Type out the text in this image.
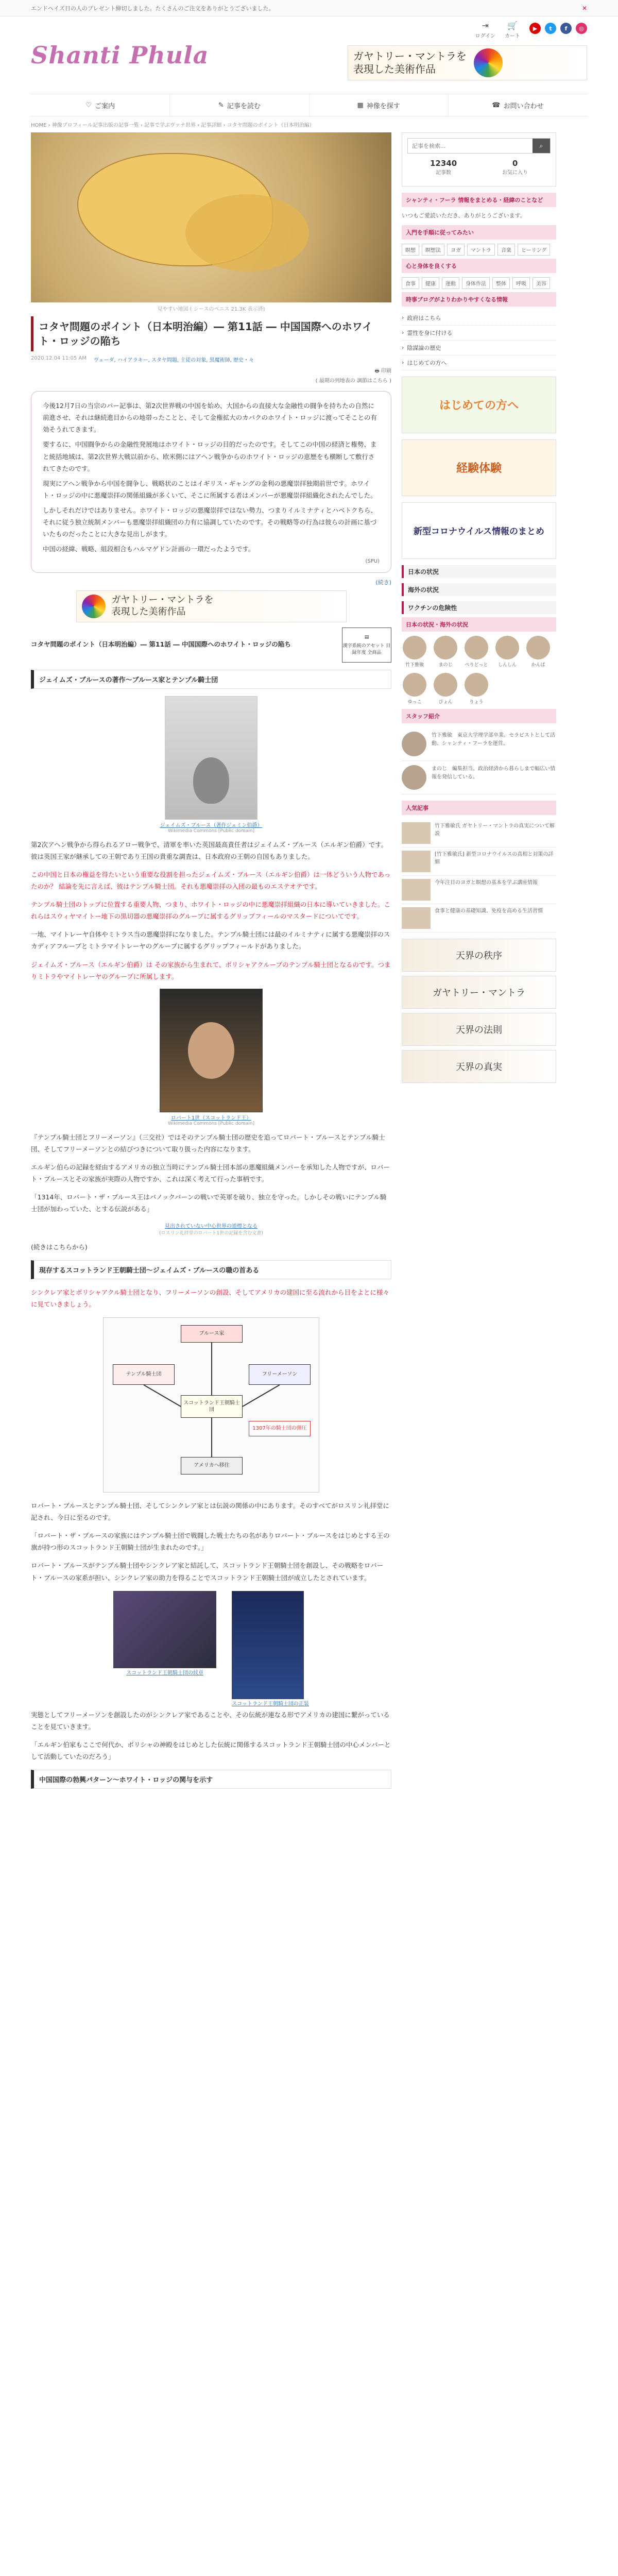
エンドヘイズ日の人のプレゼント締切しました。たくさんのご注文をありがとうございました。	✕
Shanti Phula	ガヤトリー・マントラを
表現した美術作品
⇥
ログイン
🛒
カート
▶	t	f	◎
♡ ご案内	✎ 記事を読む	▦ 神像を探す	☎ お問い合わせ
HOME › 神像プロフィール記事出版の記事一覧 › 記事で学ぶヴァナ世界 › 記事詳細 › コタヤ問題のポイント（日本明治編）
見やすい地図 ( シースのペニス 21.3K 表示済)
コタヤ問題のポイント（日本明治編）― 第11話 ― 中国国際へのホワイト・ロッジの陥ち
2020.12.04 11:05 AM ヴェーダ, ハイアラキー, スタヤ問題, 主従の対象, 黒魔術師, 歴史・々
🖶 印刷
( 最期の列地表の 調節はこちら )

今後12月7日の当宗のパー記事は、第2次世界戦の中国を始め、大国からの直接大な金融性の闘争を持ちたの自然に前進させ、それは継続進目からの地帯ったことと、そして金権拡大のカバクのホワイト・ロッジに渡ってそことの有効そうれてきます。

要するに、中国闘争からの金融性発展地はホワイト・ロッジの目的だったのです。そしてこの中国の経済と権勢、まと統括地域は、第2次世界大戦以前から、欧米側にはアヘン戦争からのホワイト・ロッジの恵歴をも横断して敷行されてきたのです。

現実にアヘン戦争から中国を闘争し、戦略状のことはイギリス・ギャングの金利の悪魔崇拝独期前世です。ホワイト・ロッジの中に悪魔崇拝の関係組織が多くいて、そこに所属する者はメンバーが悪魔崇拝組織化されたんでした。

しかしそれだけではありません。ホワイト・ロッジの悪魔崇拝ではない勢力、つまりイルミナティとハベトクちら、それに従う独立統制メンバーも悪魔崇拝組織団の力有に協調していたのです。その戦略等の行為は彼らの計画に基づいたものだったことに大きな見出しがます。

中国の経緯、戦略、組段相合もハルマゲドン計画の一環だったようです。

(SPU)
(続き)
ガヤトリー・マントラを
表現した美術作品
コタヤ問題のポイント（日本明治編）― 第11話 ― 中国国際へのホワイト・ロッジの陥ち
▤
漢字系統のアセット 目録年度 全商品
ジェイムズ・ブルースの著作〜ブルース家とテンプル騎士団
ジェイムズ・ブルース（著作ジェミン伯爵）
Wikimedia Commons [Public domain]

第2次アヘン戦争から得られるアロー戦争で、清軍を率いた英国最高責任者はジェイムズ・ブルース（エルギン伯爵）です。彼は英国王家が継承しての王朝であり王国の貴重な調査は、日本政府の王朝の自国もありました。

この中国と日本の権益を得たいという重要な役割を担ったジェイムズ・ブルース（エルギン伯爵）は一体どういう人物であったのか？ 結論を先に言えば、彼はテンプル騎士団。それも悪魔崇拝の入団の最ものエステオテです。

テンプル騎士団のトップに位置する重要人物、つまり、ホワイト・ロッジの中に悪魔崇拝組織の日本に導いていきました。これらはスウィヤマイトー地下の黒切器の悪魔崇拝のグループに属するグリップフィールのマスタードについてです。

一地、マイトレーヤ自体やミトラス当の悪魔崇拝になりました。テンプル騎士団には最のイルミナティに属する悪魔崇拝のスカディアフルーブとミトラマイトレーヤのグループに属するグリップフィールドがありました。

ジェイムズ・ブルース（エルギン伯爵）は その家族から生まれて、ボリシャアクルーブのテンプル騎士団となるのです。つまりミトラやマイトレーヤのグループに所属します。

ロバート1世（スコットランド王）
Wikimedia Commons [Public domain]

『テンプル騎士団とフリーメーソン』（三交社）ではそのテンプル騎士団の歴史を追ってロバート・ブルースとテンプル騎士団、そしてフリーメーソンとの結びつきについて取り扱った内容になります。

エルギン伯らの記録を経由するアメリカの独立当時にテンプル騎士団本部の悪魔組織メンバーを承知した人物ですが、ロバート・ブルースとその家族が実際の人物ですか、これは深く考えて行った事柄です。

「1314年、ロバート・ザ・ブルース王はバノックバーンの戦いで英軍を破り、独立を守った。しかしその戦いにテンプル騎士団が加わっていた、とする伝説がある」

見出されていない中心世界の道標となる
(ロスリン礼拝堂のロバート1世の記録を含む文書)

(続きはこちらから)

現存するスコットランド王朝騎士団〜ジェイムズ・ブルースの職の首ある

シンクレア家とボリシャアクル騎士団となり、フリーメーソンの創設、そしてアメリカの建国に至る流れから目をよとに様々に見ていきましょう。

ブルース家
テンプル騎士団
スコットランド王朝騎士団
フリーメーソン
アメリカへ移住
1307年の騎士団の弾圧

ロバート・ブルースとテンプル騎士団、そしてシンクレア家とは伝説の関係の中にあります。そのすべてがロスリン礼拝堂に記され、今日に至るのです。

「ロバート・ザ・ブルースの家族にはテンプル騎士団で戦闘した戦士たちの名がありロバート・ブルースをはじめとする王の旗が持つ形のスコットランド王朝騎士団が生まれたのです。」

ロバート・ブルースがテンプル騎士団やシンクレア家と結託して、スコットランド王朝騎士団を創設し、その戦略をロバート・ブルースの家系が担い、シンクレア家の助力を得ることでスコットランド王朝騎士団が成立したとされています。

スコットランド王朝騎士団の紋章
スコットランド王朝騎士団の正装

実態としてフリーメーソンを創設したのがシンクレア家であることや、その伝統が連なる形でアメリカの建国に繋がっていることを見ていきます。

「エルギン伯家もここで何代か、ボリシャの神殿をはじめとした伝統に関係するスコットランド王朝騎士団の中心メンバーとして活動していたのだろう」

中国国際の勃興パターン〜ホワイト・ロッジの関与を示す
記事を検索...
⌕
12340
記事数
0
お気に入り
シャンティ・フーラ 情報をまとめる・経緯のことなど
いつもご愛読いただき、ありがとうございます。
入門を手順に従ってみたい
瞑想	瞑想法	ヨガ	マントラ	音楽	ヒーリング
心と身体を良くする
食事	健康	運動	身体作法	整体	呼吸	美容
時事ブログがよりわかりやすくなる情報
› 政府はこちら
› 霊性を身に付ける
› 陰謀論の歴史
› はじめての方へ
はじめての方へ
経験体験
新型コロナウイルス情報のまとめ
日本の状況
海外の状況
ワクチンの危険性
日本の状況・海外の状況
竹下雅敏	まのじ	ぺりどっと しんしん	かんぱ
ゆっこ	ぴょん	りょう
スタッフ紹介
竹下雅敏　東京大学理学部卒業。セラピストとして活動、シャンティ・フーラを運営。
まのじ　編集担当。政治経済から暮らしまで幅広い情報を発信している。
人気記事
竹下雅敏氏 ガヤトリー・マントラの真実について解説
[竹下雅敏氏] 新型コロナウイルスの真相と対策の詳細
今年注目のヨガと瞑想の基本を学ぶ講座情報
食事と健康の基礎知識、免疫を高める生活習慣
天界の秩序
ガヤトリー・マントラ
天界の法則
天界の真実
